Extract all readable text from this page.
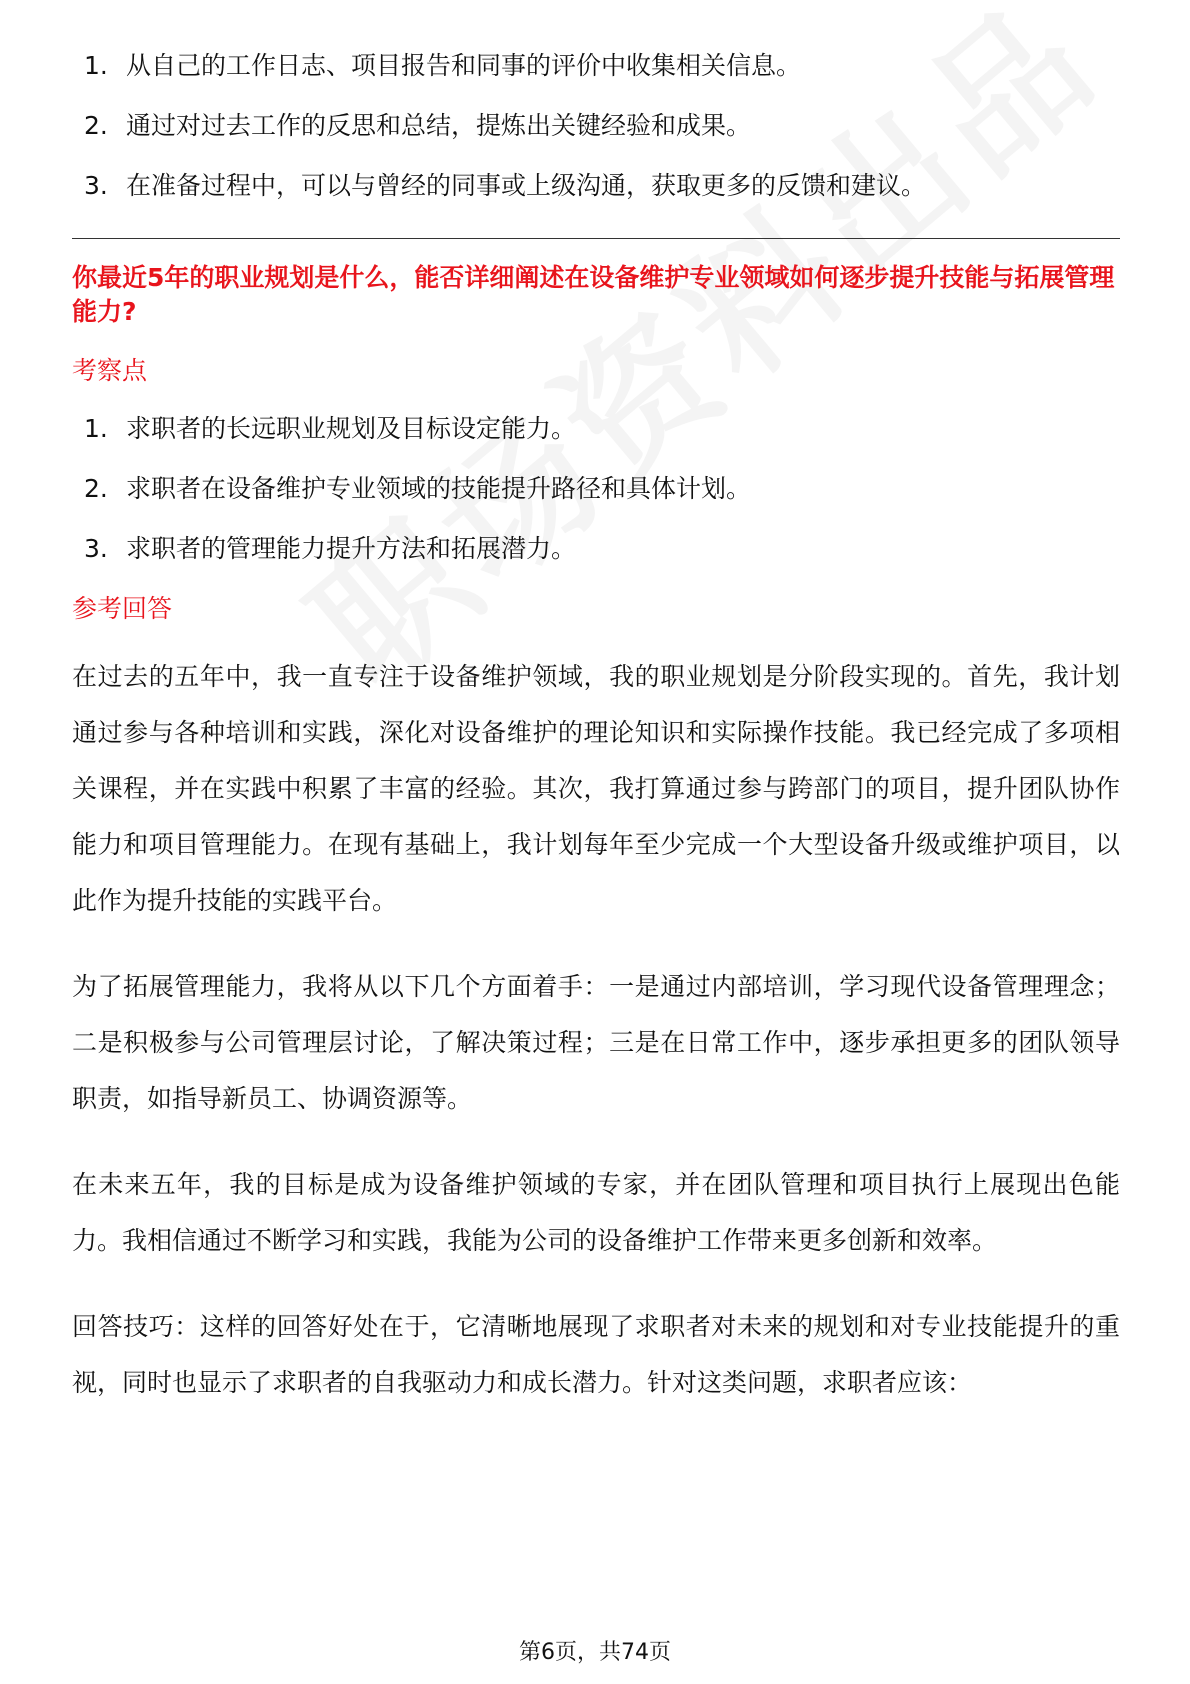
1. 从自己的工作日志、项目报告和同事的评价中收集相关信息。
2. 通过对过去工作的反思和总结，提炼出关键经验和成果。
3. 在准备过程中，可以与曾经的同事或上级沟通，获取更多的反馈和建议。

你最近5年的职业规划是什么，能否详细阐述在设备维护专业领域如何逐步提升技能与拓展管理能力?

考察点
1. 求职者的长远职业规划及目标设定能力。
2. 求职者在设备维护专业领域的技能提升路径和具体计划。
3. 求职者的管理能力提升方法和拓展潜力。
参考回答

在过去的五年中，我一直专注于设备维护领域，我的职业规划是分阶段实现的。首先，我计划通过参与各种培训和实践，深化对设备维护的理论知识和实际操作技能。我已经完成了多项相关课程，并在实践中积累了丰富的经验。其次，我打算通过参与跨部门的项目，提升团队协作能力和项目管理能力。在现有基础上，我计划每年至少完成一个大型设备升级或维护项目，以此作为提升技能的实践平台。

为了拓展管理能力，我将从以下几个方面着手：一是通过内部培训，学习现代设备管理理念；二是积极参与公司管理层讨论，了解决策过程；三是在日常工作中，逐步承担更多的团队领导职责，如指导新员工、协调资源等。

在未来五年，我的目标是成为设备维护领域的专家，并在团队管理和项目执行上展现出色能力。我相信通过不断学习和实践，我能为公司的设备维护工作带来更多创新和效率。

回答技巧：这样的回答好处在于，它清晰地展现了求职者对未来的规划和对专业技能提升的重视，同时也显示了求职者的自我驱动力和成长潜力。针对这类问题，求职者应该：

第6页，共74页
